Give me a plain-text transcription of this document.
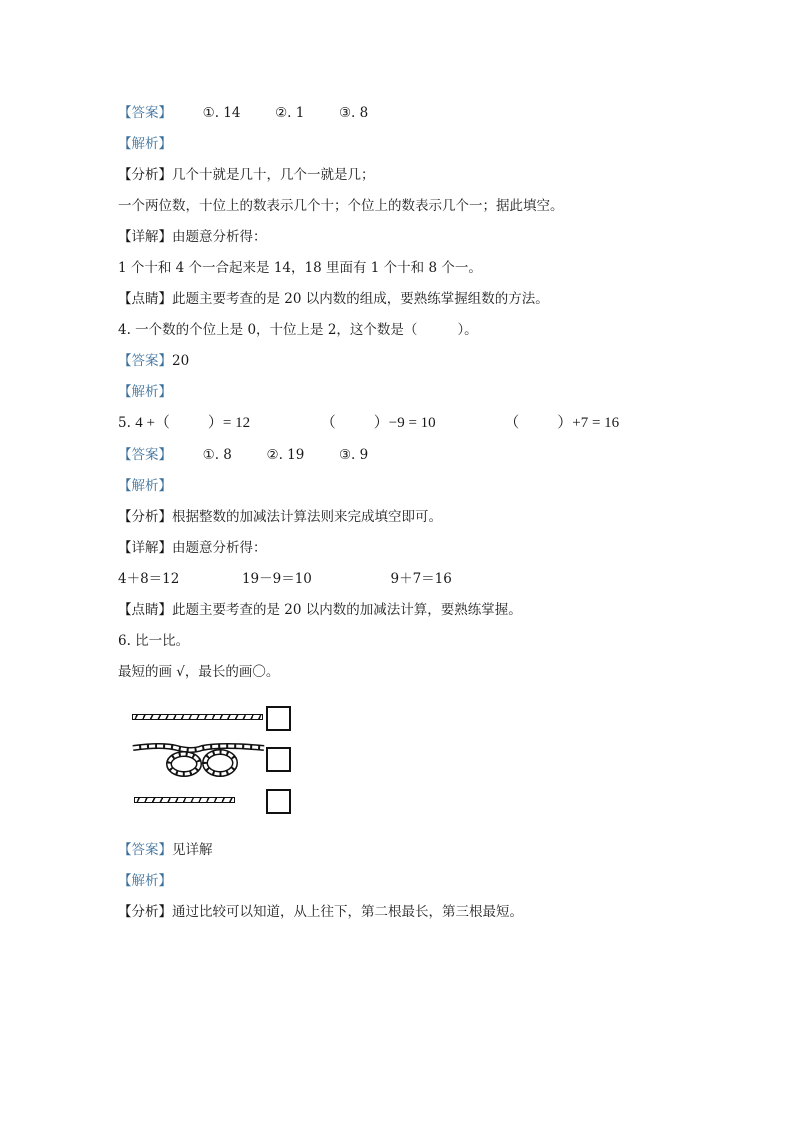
【答案】 ①. 14	②. 1	③. 8
【解析】
【分析】几个十就是几十，几个一就是几；
一个两位数，十位上的数表示几个十；个位上的数表示几个一；据此填空。
【详解】由题意分析得：
1 个十和 4 个一合起来是 14，18 里面有 1 个十和 8 个一。
【点睛】此题主要考查的是 20 以内数的组成，要熟练掌握组数的方法。
4. 一个数的个位上是 0，十位上是 2，这个数是（	）。
【答案】20
【解析】
5. 4 +（	）= 12	（	）−9 = 10	（	）+7 = 16
【答案】 ①. 8	②. 19	③. 9
【解析】
【分析】根据整数的加减法计算法则来完成填空即可。
【详解】由题意分析得：
4＋8＝12	19－9＝10	9＋7＝16
【点睛】此题主要考查的是 20 以内数的加减法计算，要熟练掌握。
6. 比一比。
最短的画 √，最长的画〇。
【答案】见详解
【解析】
【分析】通过比较可以知道，从上往下，第二根最长，第三根最短。
